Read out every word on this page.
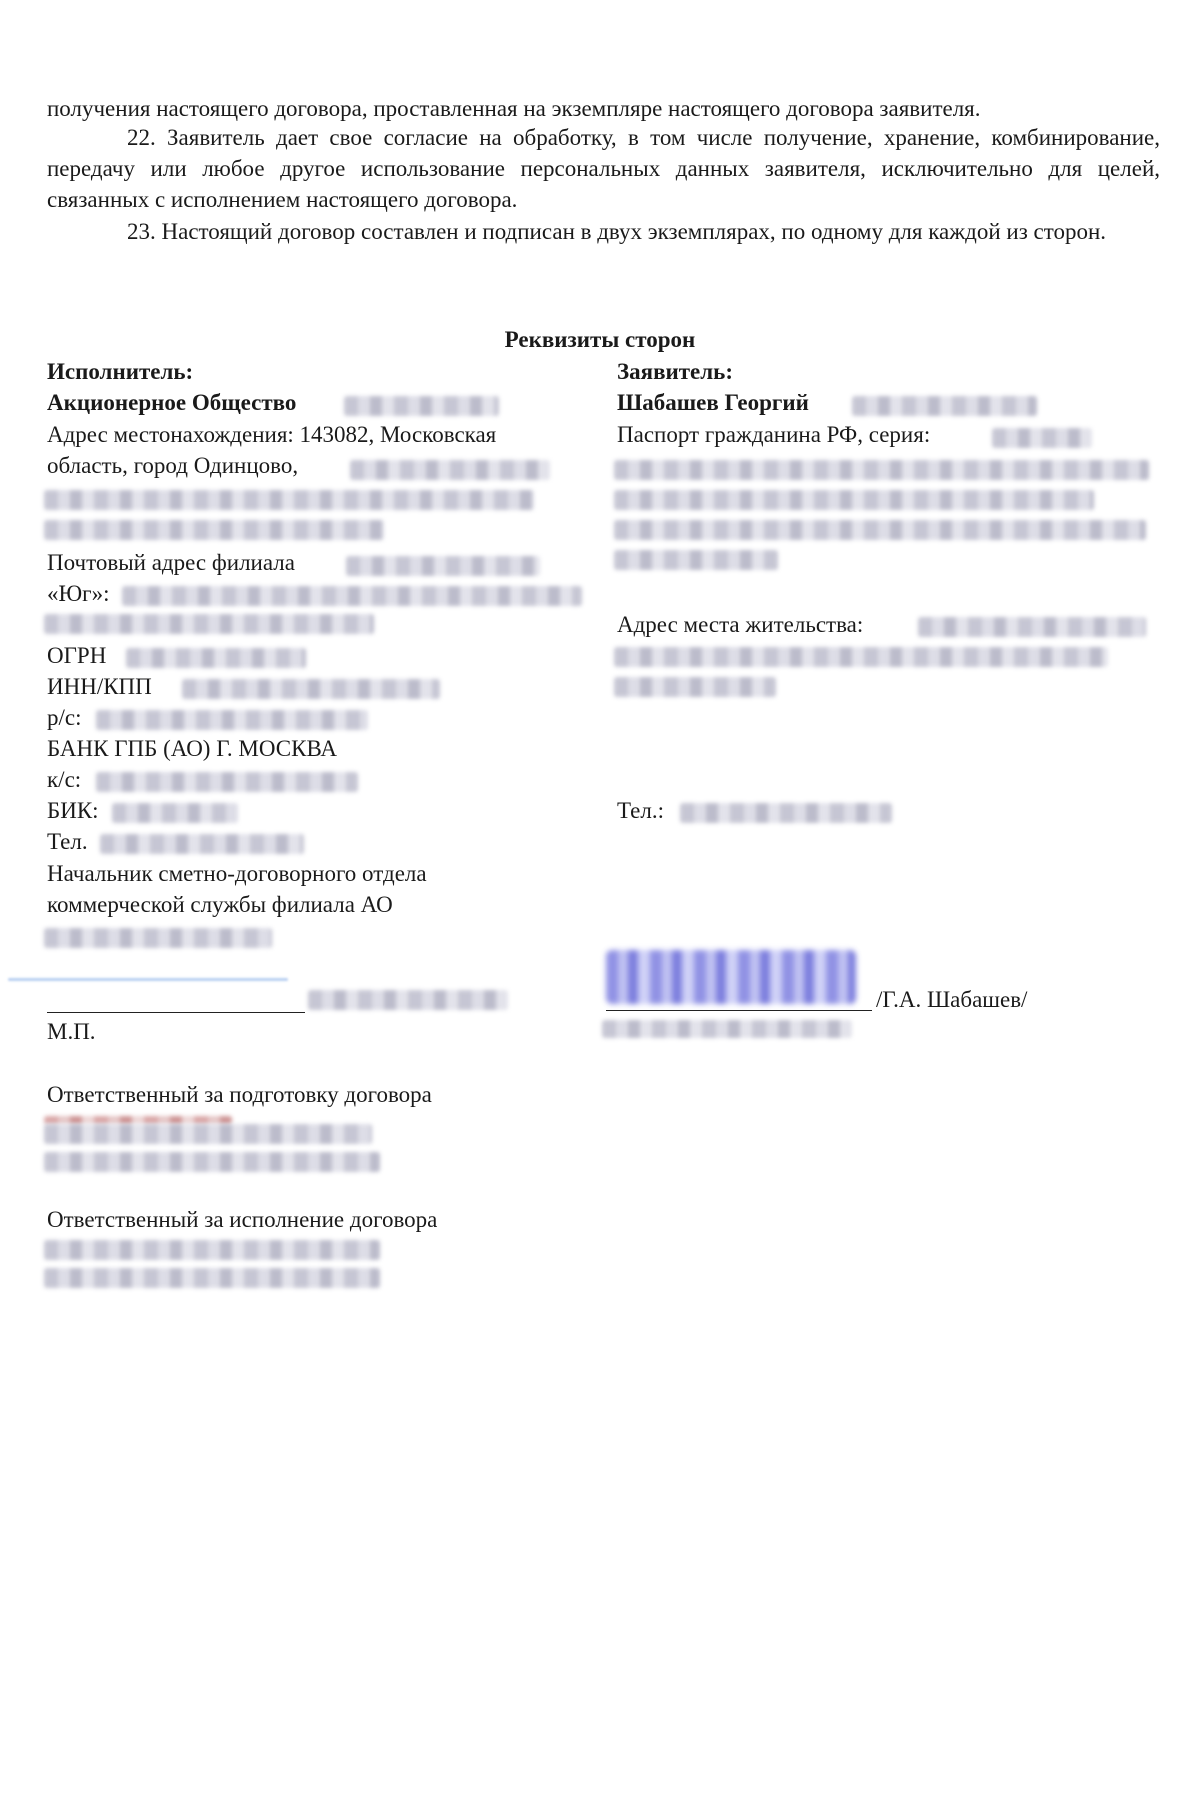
получения настоящего договора, проставленная на экземпляре настоящего договора заявителя.
22. Заявитель дает свое согласие на обработку, в том числе получение, хранение, комбинирование, передачу или любое другое использование персональных данных заявителя, исключительно для целей, связанных с исполнением настоящего договора.
23. Настоящий договор составлен и подписан в двух экземплярах, по одному для каждой из сторон.
Реквизиты сторон
Исполнитель:
Акционерное Общество
Адрес местонахождения: 143082, Московская
область, город Одинцово,
Почтовый адрес филиала
«Юг»:
ОГРН
ИНН/КПП
р/с:
БАНК ГПБ (АО) Г. МОСКВА
к/с:
БИК:
Тел.
Начальник сметно-договорного отдела
коммерческой службы филиала АО
М.П.
Ответственный за подготовку договора
Ответственный за исполнение договора
Заявитель:
Шабашев Георгий
Паспорт гражданина РФ, серия:
Адрес места жительства:
Тел.:
/Г.А. Шабашев/
